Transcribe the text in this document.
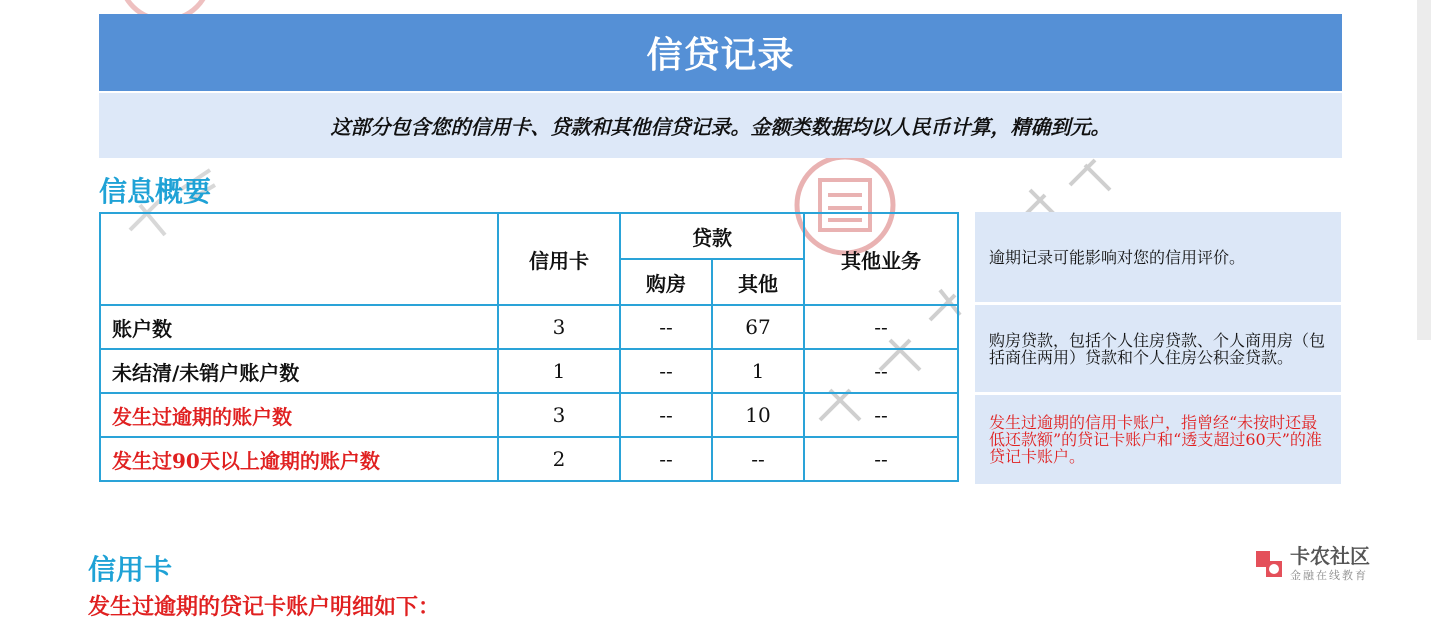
信贷记录
这部分包含您的信用卡、贷款和其他信贷记录。金额类数据均以人民币计算，精确到元。
信息概要
	信用卡	贷款		其他业务
		购房	其他	
账户数	3	--	67	--
未结清/未销户账户数	1	--	1	--
发生过逾期的账户数	3	--	10	--
发生过90天以上逾期的账户数	2	--	--	--
逾期记录可能影响对您的信用评价。
购房贷款，包括个人住房贷款、个人商用房（包括商住两用）贷款和个人住房公积金贷款。
发生过逾期的信用卡账户，指曾经“未按时还最低还款额”的贷记卡账户和“透支超过60天”的准贷记卡账户。
信用卡
发生过逾期的贷记卡账户明细如下：
卡农社区
金融在线教育
